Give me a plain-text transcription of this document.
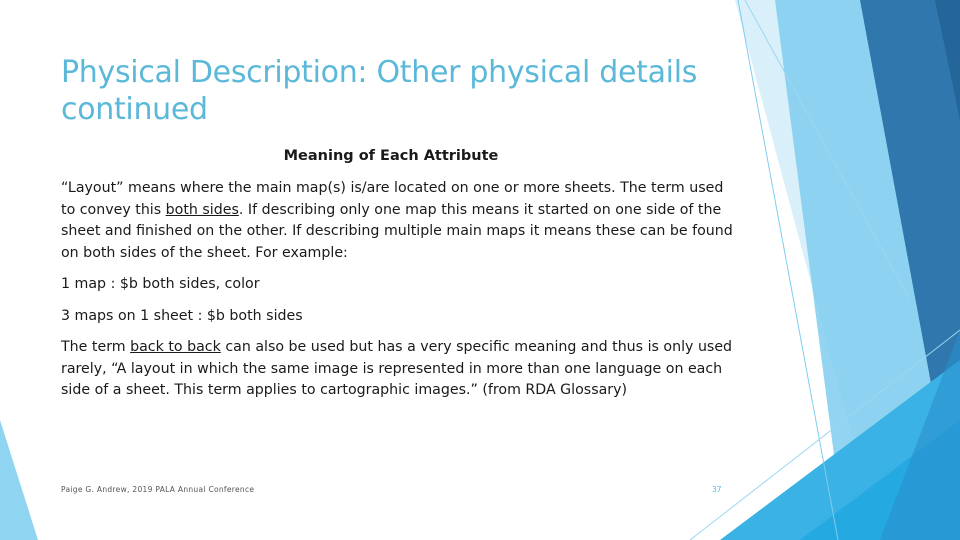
Physical Description: Other physical details continued
Meaning of Each Attribute

“Layout” means where the main map(s) is/are located on one or more sheets. The term used to convey this both sides. If describing only one map this means it started on one side of the sheet and finished on the other. If describing multiple main maps it means these can be found on both sides of the sheet. For example:

1 map : $b both sides, color

3 maps on 1 sheet : $b both sides

The term back to back can also be used but has a very specific meaning and thus is only used rarely, “A layout in which the same image is represented in more than one language on each side of a sheet. This term applies to cartographic images.” (from RDA Glossary)

Paige G. Andrew, 2019 PALA Annual Conference	37
